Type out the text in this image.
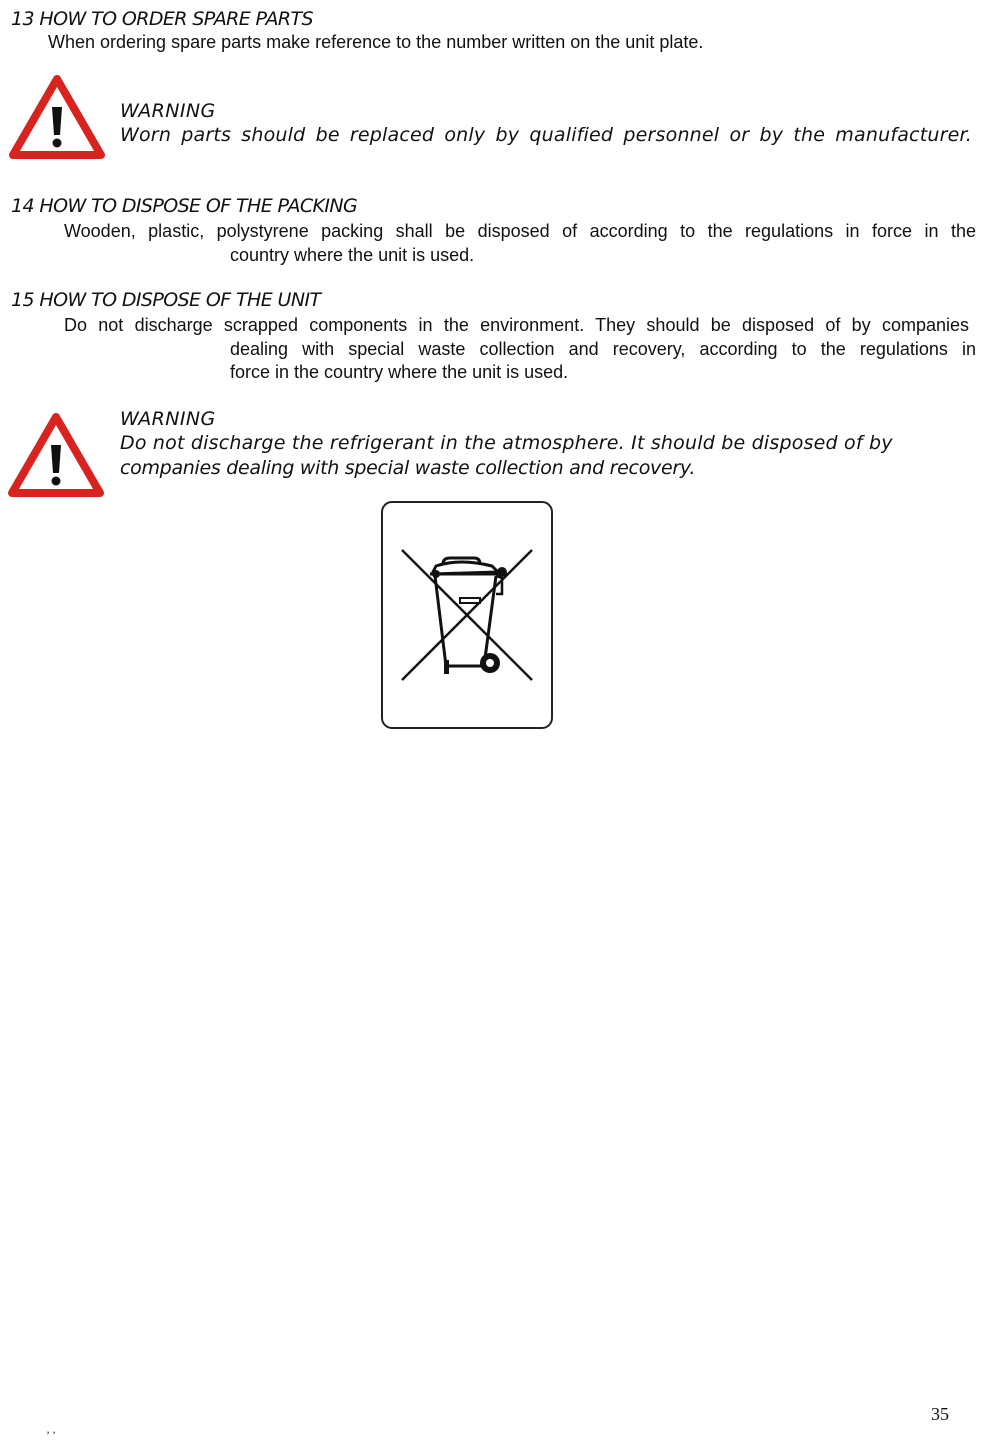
13 HOW TO ORDER SPARE PARTS
When ordering spare parts make reference to the number written on the unit plate.
WARNING
Worn parts should be replaced only by qualified personnel or by the manufacturer.
14 HOW TO DISPOSE OF THE PACKING
Wooden, plastic, polystyrene packing shall be disposed of according to the regulations in force in the
country where the unit is used.
15 HOW TO DISPOSE OF THE UNIT
Do not discharge scrapped components in the environment. They should be disposed of by companies
dealing with special waste collection and recovery, according to the regulations in
force in the country where the unit is used.
WARNING
Do not discharge the refrigerant in the atmosphere. It should be disposed of by
companies dealing with special waste collection and recovery.
35
’ ’
